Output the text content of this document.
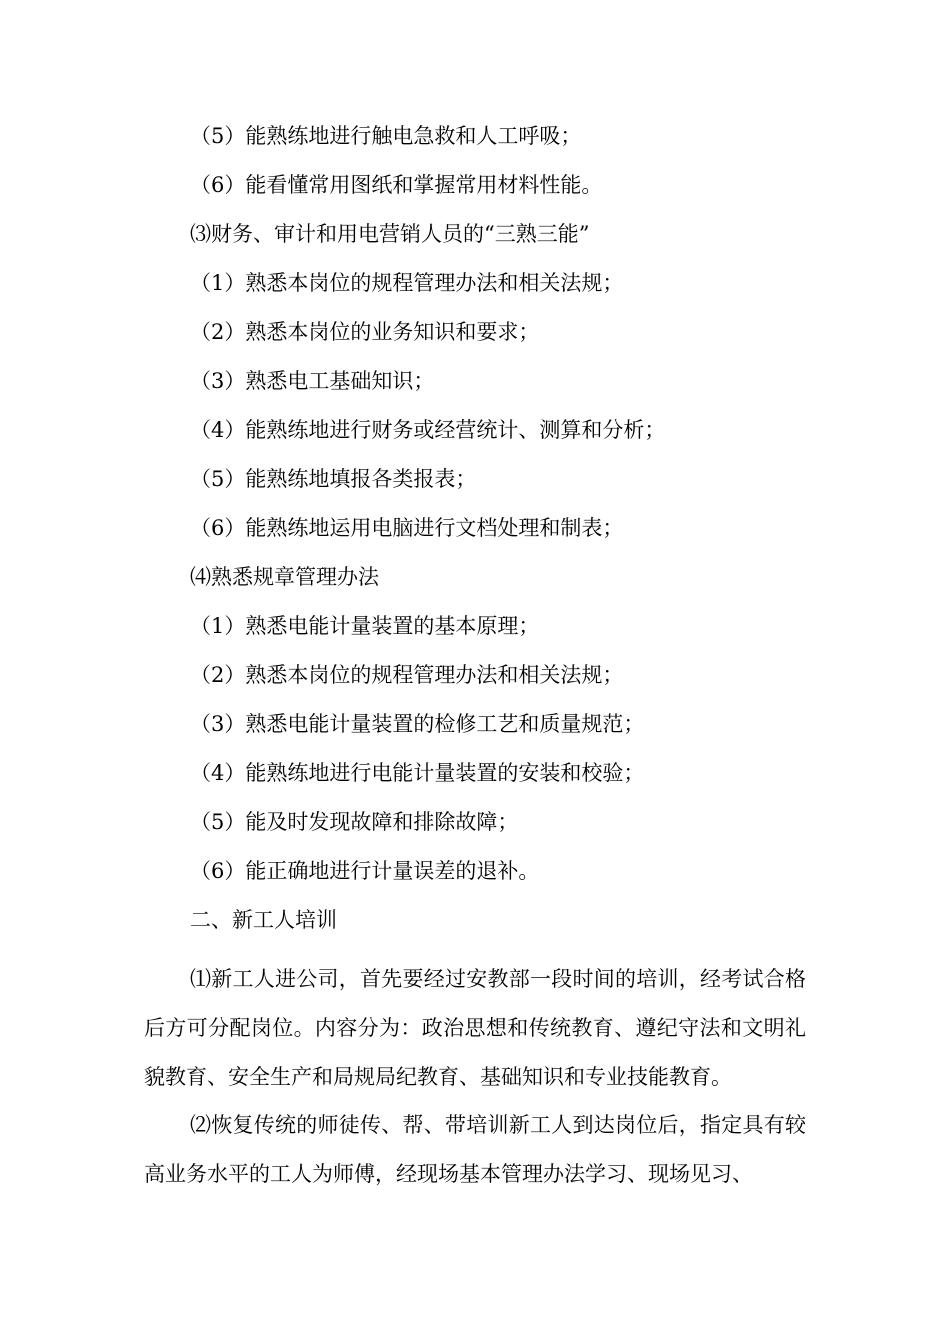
（5）能熟练地进行触电急救和人工呼吸；
（6）能看懂常用图纸和掌握常用材料性能。
⑶财务、审计和用电营销人员的“三熟三能”
（1）熟悉本岗位的规程管理办法和相关法规；
（2）熟悉本岗位的业务知识和要求；
（3）熟悉电工基础知识；
（4）能熟练地进行财务或经营统计、测算和分析；
（5）能熟练地填报各类报表；
（6）能熟练地运用电脑进行文档处理和制表；
⑷熟悉规章管理办法
（1）熟悉电能计量装置的基本原理；
（2）熟悉本岗位的规程管理办法和相关法规；
（3）熟悉电能计量装置的检修工艺和质量规范；
（4）能熟练地进行电能计量装置的安装和校验；
（5）能及时发现故障和排除故障；
（6）能正确地进行计量误差的退补。
二、新工人培训
⑴新工人进公司，首先要经过安教部一段时间的培训，经考试合格后方可分配岗位。内容分为：政治思想和传统教育、遵纪守法和文明礼貌教育、安全生产和局规局纪教育、基础知识和专业技能教育。
⑵恢复传统的师徒传、帮、带培训新工人到达岗位后，指定具有较高业务水平的工人为师傅，经现场基本管理办法学习、现场见习、
